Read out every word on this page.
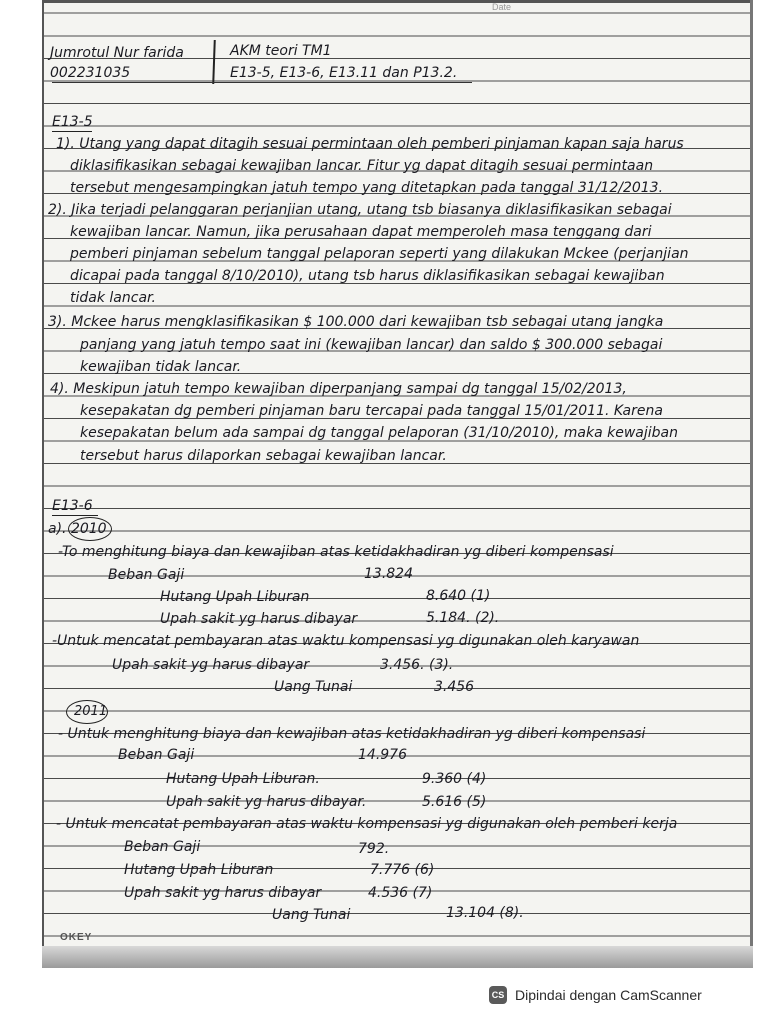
Date
Jumrotul Nur farida
002231035
AKM teori TM1
E13-5, E13-6, E13.11 dan P13.2.
E13-5
1). Utang yang dapat ditagih sesuai permintaan oleh pemberi pinjaman kapan saja harus
diklasifikasikan sebagai kewajiban lancar. Fitur yg dapat ditagih sesuai permintaan
tersebut mengesampingkan jatuh tempo yang ditetapkan pada tanggal 31/12/2013.
2). Jika terjadi pelanggaran perjanjian utang, utang tsb biasanya diklasifikasikan sebagai
kewajiban lancar. Namun, jika perusahaan dapat memperoleh masa tenggang dari
pemberi pinjaman sebelum tanggal pelaporan seperti yang dilakukan Mckee (perjanjian
dicapai pada tanggal 8/10/2010), utang tsb harus diklasifikasikan sebagai kewajiban
tidak lancar.
3). Mckee harus mengklasifikasikan $ 100.000 dari kewajiban tsb sebagai utang jangka
panjang yang jatuh tempo saat ini (kewajiban lancar) dan saldo $ 300.000 sebagai
kewajiban tidak lancar.
4). Meskipun jatuh tempo kewajiban diperpanjang sampai dg tanggal 15/02/2013,
kesepakatan dg pemberi pinjaman baru tercapai pada tanggal 15/01/2011. Karena
kesepakatan belum ada sampai dg tanggal pelaporan (31/10/2010), maka kewajiban
tersebut harus dilaporkan sebagai kewajiban lancar.
E13-6
a). 2010
-To menghitung biaya dan kewajiban atas ketidakhadiran yg diberi kompensasi
Beban Gaji	13.824
Hutang Upah Liburan	8.640 (1)
Upah sakit yg harus dibayar	5.184. (2).
-Untuk mencatat pembayaran atas waktu kompensasi yg digunakan oleh karyawan
Upah sakit yg harus dibayar	3.456. (3).
Uang Tunai	3.456
2011
- Untuk menghitung biaya dan kewajiban atas ketidakhadiran yg diberi kompensasi
Beban Gaji	14.976
Hutang Upah Liburan.	9.360 (4)
Upah sakit yg harus dibayar.	5.616 (5)
- Untuk mencatat pembayaran atas waktu kompensasi yg digunakan oleh pemberi kerja
Beban Gaji	792.
Hutang Upah Liburan	7.776 (6)
Upah sakit yg harus dibayar	4.536 (7)
Uang Tunai	13.104 (8).
OKEY
CS Dipindai dengan CamScanner
